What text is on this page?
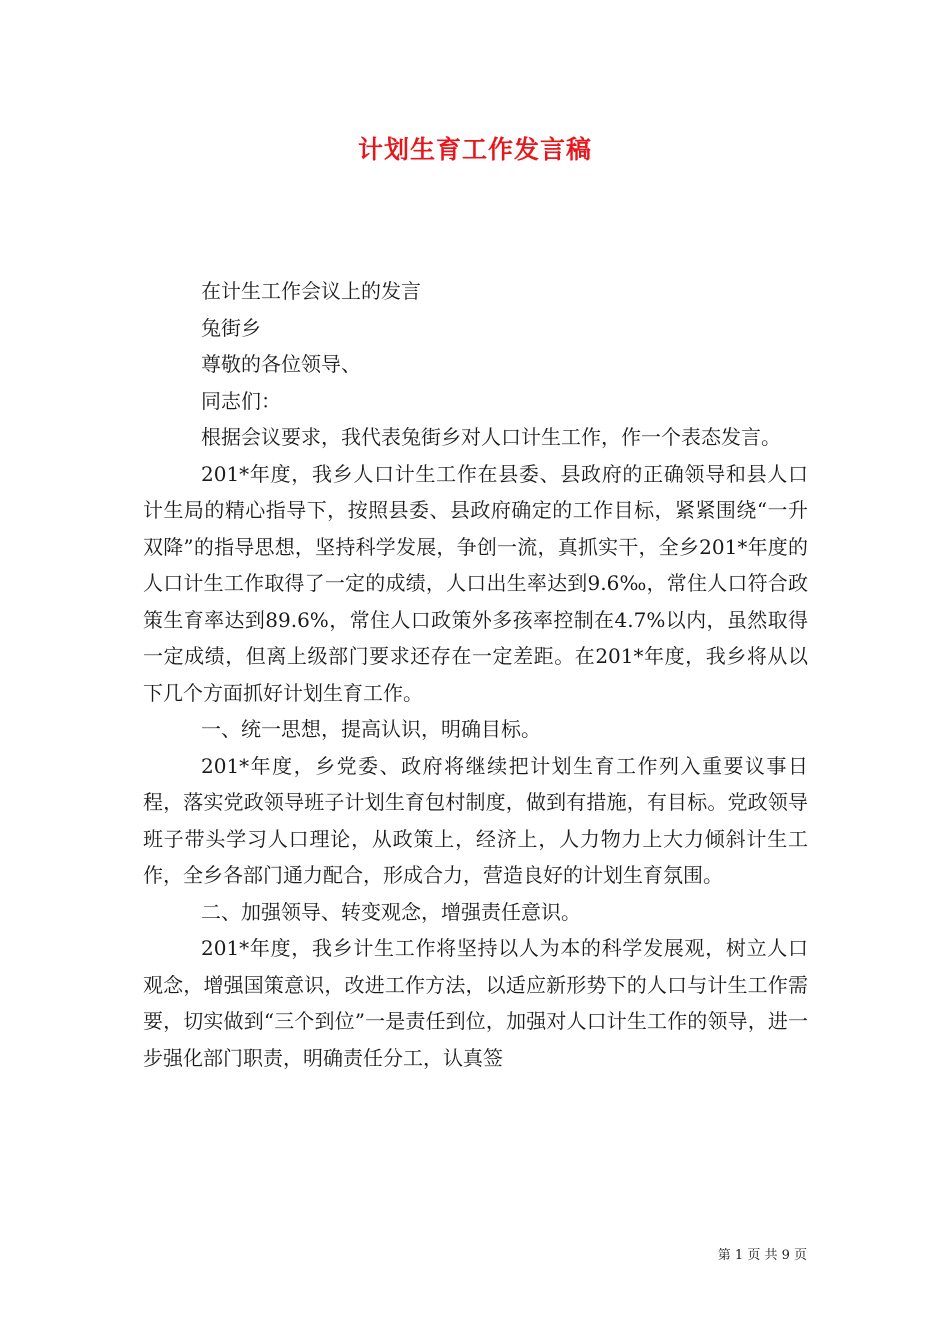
计划生育工作发言稿

在计生工作会议上的发言

兔街乡

尊敬的各位领导、

同志们：

根据会议要求，我代表兔街乡对人口计生工作，作一个表态发言。

201*年度，我乡人口计生工作在县委、县政府的正确领导和县人口计生局的精心指导下，按照县委、县政府确定的工作目标，紧紧围绕“一升双降”的指导思想，坚持科学发展，争创一流，真抓实干，全乡201*年度的人口计生工作取得了一定的成绩，人口出生率达到9.6‰，常住人口符合政策生育率达到89.6%，常住人口政策外多孩率控制在4.7%以内，虽然取得一定成绩，但离上级部门要求还存在一定差距。在201*年度，我乡将从以下几个方面抓好计划生育工作。

一、统一思想，提高认识，明确目标。

201*年度，乡党委、政府将继续把计划生育工作列入重要议事日程，落实党政领导班子计划生育包村制度，做到有措施，有目标。党政领导班子带头学习人口理论，从政策上，经济上，人力物力上大力倾斜计生工作，全乡各部门通力配合，形成合力，营造良好的计划生育氛围。

二、加强领导、转变观念，增强责任意识。

201*年度，我乡计生工作将坚持以人为本的科学发展观，树立人口观念，增强国策意识，改进工作方法，以适应新形势下的人口与计生工作需要，切实做到“三个到位”一是责任到位，加强对人口计生工作的领导，进一步强化部门职责，明确责任分工，认真签

第 1 页 共 9 页
